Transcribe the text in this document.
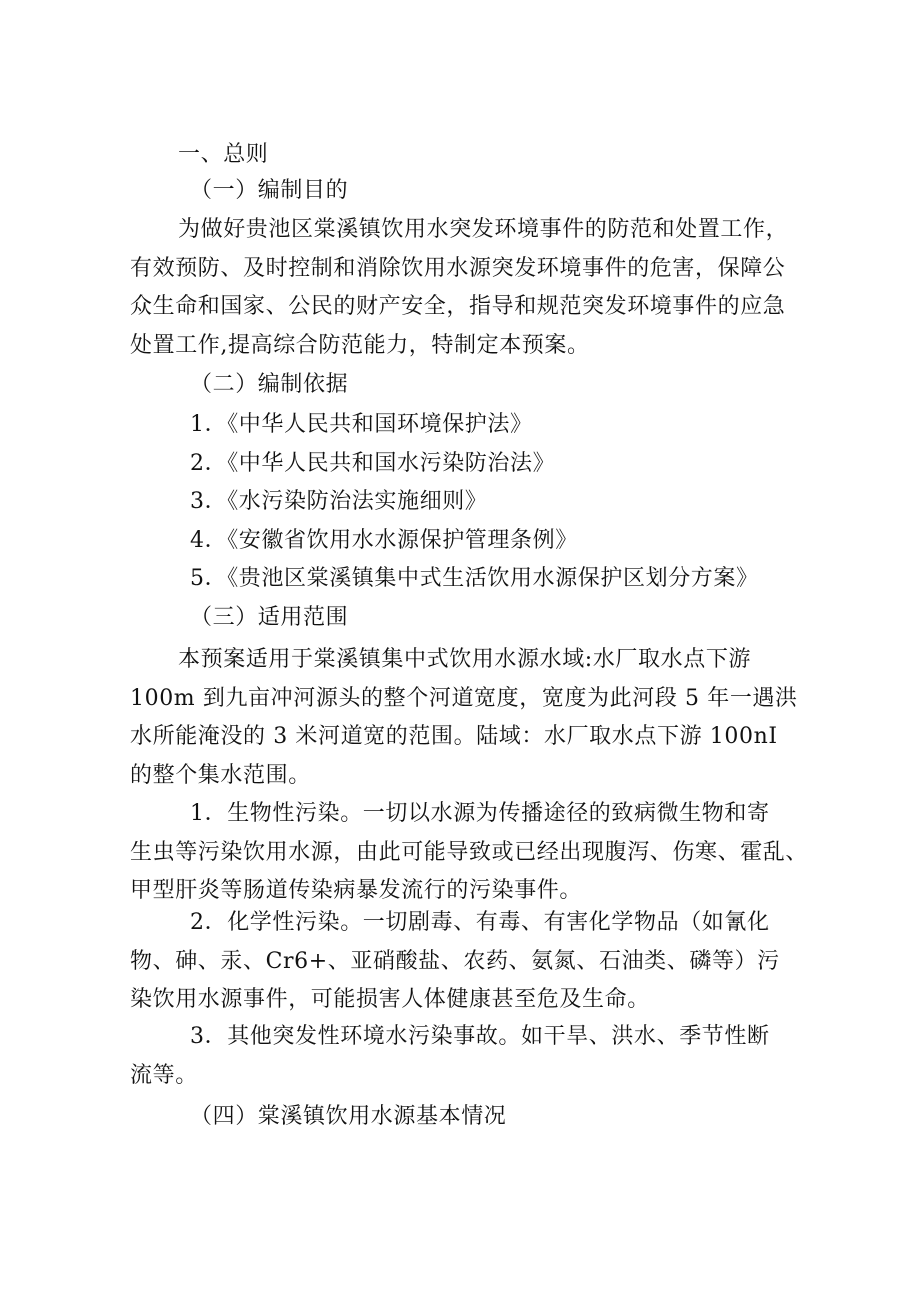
一、总则
（一）编制目的
为做好贵池区棠溪镇饮用水突发环境事件的防范和处置工作，
有效预防、及时控制和消除饮用水源突发环境事件的危害，保障公
众生命和国家、公民的财产安全，指导和规范突发环境事件的应急
处置工作,提高综合防范能力，特制定本预案。
（二）编制依据
1．《中华人民共和国环境保护法》
2．《中华人民共和国水污染防治法》
3．《水污染防治法实施细则》
4．《安徽省饮用水水源保护管理条例》
5．《贵池区棠溪镇集中式生活饮用水源保护区划分方案》
（三）适用范围
本预案适用于棠溪镇集中式饮用水源水域:水厂取水点下游
100m 到九亩冲河源头的整个河道宽度，宽度为此河段 5 年一遇洪
水所能淹没的 3 米河道宽的范围。陆域：水厂取水点下游 100nI
的整个集水范围。
1．生物性污染。一切以水源为传播途径的致病微生物和寄
生虫等污染饮用水源，由此可能导致或已经出现腹泻、伤寒、霍乱、
甲型肝炎等肠道传染病暴发流行的污染事件。
2．化学性污染。一切剧毒、有毒、有害化学物品（如氰化
物、砷、汞、Cr6+、亚硝酸盐、农药、氨氮、石油类、磷等）污
染饮用水源事件，可能损害人体健康甚至危及生命。
3．其他突发性环境水污染事故。如干旱、洪水、季节性断
流等。
（四）棠溪镇饮用水源基本情况
